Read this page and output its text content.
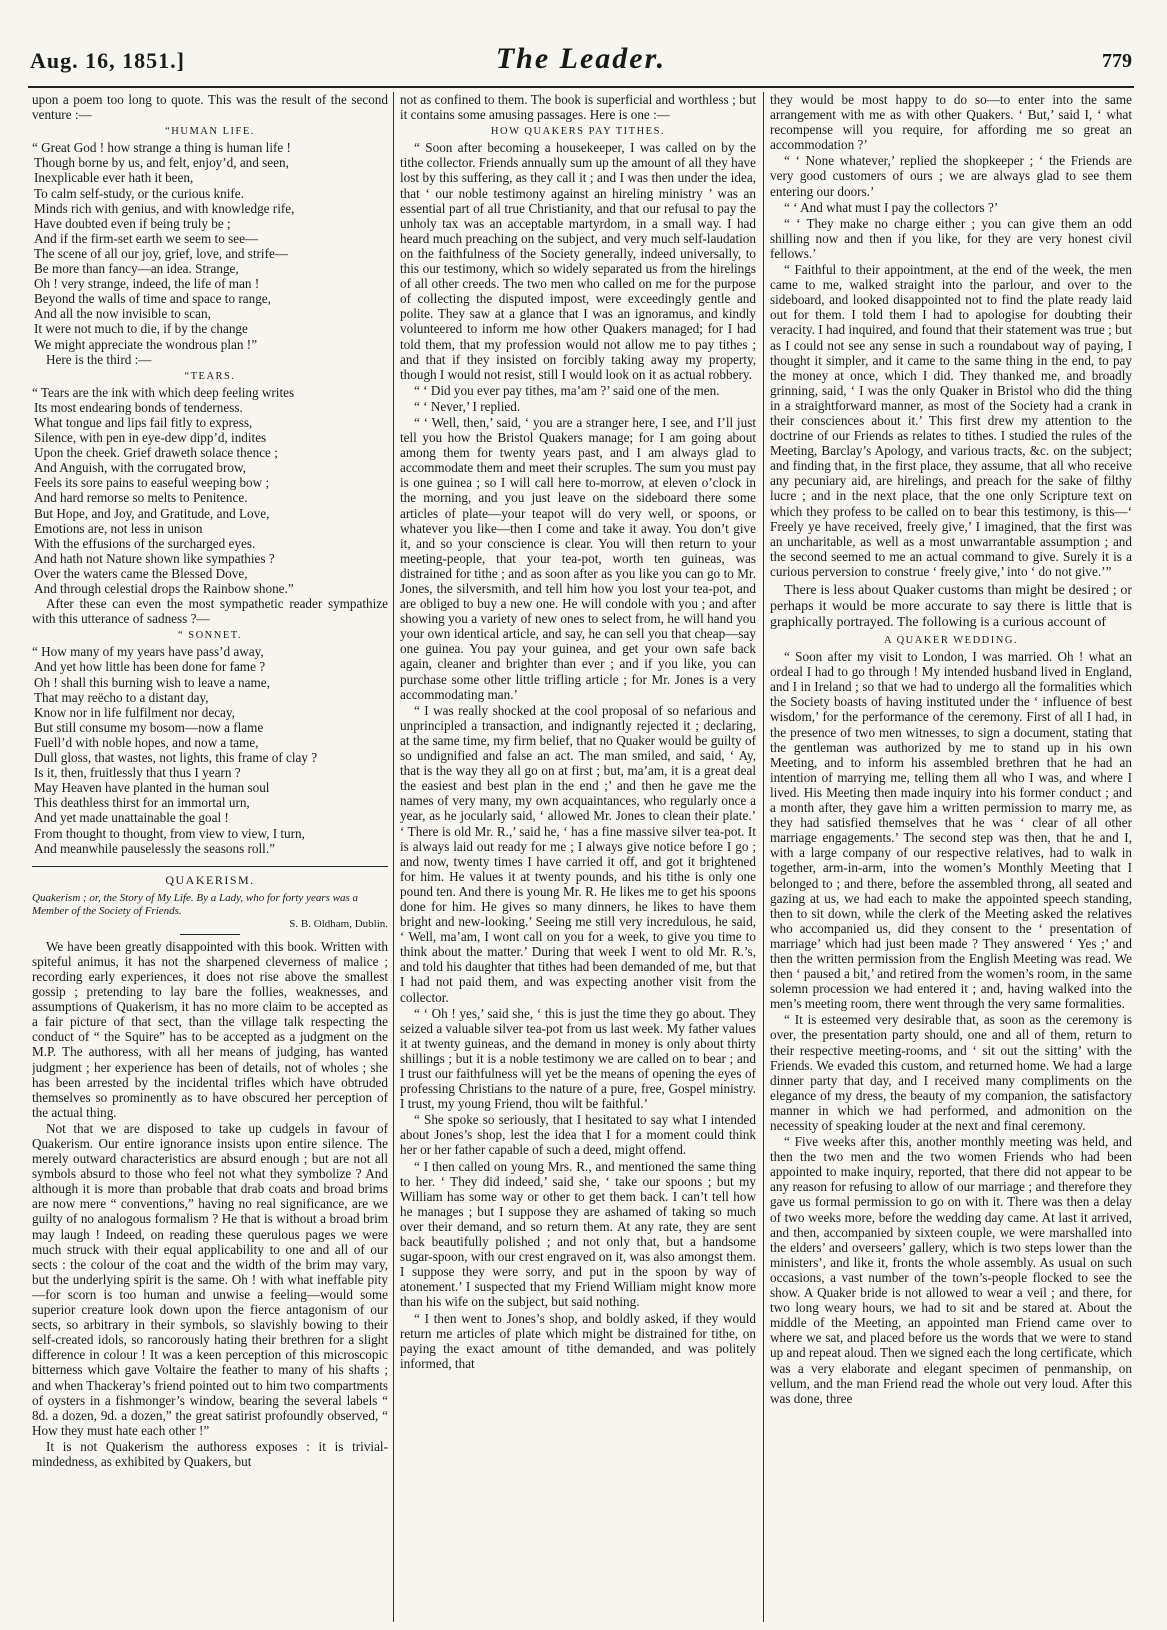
Aug. 16, 1851.]	The Leader.	779

upon a poem too long to quote. This was the result of the second venture :—

“HUMAN LIFE.
“ Great God ! how strange a thing is human life !
Though borne by us, and felt, enjoy’d, and seen,
Inexplicable ever hath it been,
To calm self-study, or the curious knife.
Minds rich with genius, and with knowledge rife,
Have doubted even if being truly be ;
And if the firm-set earth we seem to see—
The scene of all our joy, grief, love, and strife—
Be more than fancy—an idea. Strange,
Oh ! very strange, indeed, the life of man !
Beyond the walls of time and space to range,
And all the now invisible to scan,
It were not much to die, if by the change
We might appreciate the wondrous plan !”

Here is the third :—

“TEARS.
“ Tears are the ink with which deep feeling writes
Its most endearing bonds of tenderness.
What tongue and lips fail fitly to express,
Silence, with pen in eye-dew dipp’d, indites
Upon the cheek. Grief draweth solace thence ;
And Anguish, with the corrugated brow,
Feels its sore pains to easeful weeping bow ;
And hard remorse so melts to Penitence.
But Hope, and Joy, and Gratitude, and Love,
Emotions are, not less in unison
With the effusions of the surcharged eyes.
And hath not Nature shown like sympathies ?
Over the waters came the Blessed Dove,
And through celestial drops the Rainbow shone.”

After these can even the most sympathetic reader sympathize with this utterance of sadness ?—

“ SONNET.
“ How many of my years have pass’d away,
And yet how little has been done for fame ?
Oh ! shall this burning wish to leave a name,
That may reëcho to a distant day,
Know nor in life fulfilment nor decay,
But still consume my bosom—now a flame
Fuell’d with noble hopes, and now a tame,
Dull gloss, that wastes, not lights, this frame of clay ?
Is it, then, fruitlessly that thus I yearn ?
May Heaven have planted in the human soul
This deathless thirst for an immortal urn,
And yet made unattainable the goal !
From thought to thought, from view to view, I turn,
And meanwhile pauselessly the seasons roll.”
QUAKERISM.
Quakerism ; or, the Story of My Life. By a Lady, who for forty years was a Member of the Society of Friends.
S. B. Oldham, Dublin.

We have been greatly disappointed with this book. Written with spiteful animus, it has not the sharpened cleverness of malice ; recording early experiences, it does not rise above the smallest gossip ; pretending to lay bare the follies, weaknesses, and assumptions of Quakerism, it has no more claim to be accepted as a fair picture of that sect, than the village talk respecting the conduct of “ the Squire” has to be accepted as a judgment on the M.P. The authoress, with all her means of judging, has wanted judgment ; her experience has been of details, not of wholes ; she has been arrested by the incidental trifles which have obtruded themselves so prominently as to have obscured her perception of the actual thing.

Not that we are disposed to take up cudgels in favour of Quakerism. Our entire ignorance insists upon entire silence. The merely outward characteristics are absurd enough ; but are not all symbols absurd to those who feel not what they symbolize ? And although it is more than probable that drab coats and broad brims are now mere “ conventions,” having no real significance, are we guilty of no analogous formalism ? He that is without a broad brim may laugh ! Indeed, on reading these querulous pages we were much struck with their equal applicability to one and all of our sects : the colour of the coat and the width of the brim may vary, but the underlying spirit is the same. Oh ! with what ineffable pity—for scorn is too human and unwise a feeling—would some superior creature look down upon the fierce antagonism of our sects, so arbitrary in their symbols, so slavishly bowing to their self-created idols, so rancorously hating their brethren for a slight difference in colour ! It was a keen perception of this microscopic bitterness which gave Voltaire the feather to many of his shafts ; and when Thackeray’s friend pointed out to him two compartments of oysters in a fishmonger’s window, bearing the several labels “ 8d. a dozen, 9d. a dozen,” the great satirist profoundly observed, “ How they must hate each other !”

It is not Quakerism the authoress exposes : it is trivial-mindedness, as exhibited by Quakers, but

not as confined to them. The book is superficial and worthless ; but it contains some amusing passages. Here is one :—

HOW QUAKERS PAY TITHES.

“ Soon after becoming a housekeeper, I was called on by the tithe collector. Friends annually sum up the amount of all they have lost by this suffering, as they call it ; and I was then under the idea, that ‘ our noble testimony against an hireling ministry ’ was an essential part of all true Christianity, and that our refusal to pay the unholy tax was an acceptable martyrdom, in a small way. I had heard much preaching on the subject, and very much self-laudation on the faithfulness of the Society generally, indeed universally, to this our testimony, which so widely separated us from the hirelings of all other creeds. The two men who called on me for the purpose of collecting the disputed impost, were exceedingly gentle and polite. They saw at a glance that I was an ignoramus, and kindly volunteered to inform me how other Quakers managed; for I had told them, that my profession would not allow me to pay tithes ; and that if they insisted on forcibly taking away my property, though I would not resist, still I would look on it as actual robbery.

“ ‘ Did you ever pay tithes, ma’am ?’ said one of the men.

“ ‘ Never,’ I replied.

“ ‘ Well, then,’ said, ‘ you are a stranger here, I see, and I’ll just tell you how the Bristol Quakers manage; for I am going about among them for twenty years past, and I am always glad to accommodate them and meet their scruples. The sum you must pay is one guinea ; so I will call here to-morrow, at eleven o’clock in the morning, and you just leave on the sideboard there some articles of plate—your teapot will do very well, or spoons, or whatever you like—then I come and take it away. You don’t give it, and so your conscience is clear. You will then return to your meeting-people, that your tea-pot, worth ten guineas, was distrained for tithe ; and as soon after as you like you can go to Mr. Jones, the silversmith, and tell him how you lost your tea-pot, and are obliged to buy a new one. He will condole with you ; and after showing you a variety of new ones to select from, he will hand you your own identical article, and say, he can sell you that cheap—say one guinea. You pay your guinea, and get your own safe back again, cleaner and brighter than ever ; and if you like, you can purchase some other little trifling article ; for Mr. Jones is a very accommodating man.’

“ I was really shocked at the cool proposal of so nefarious and unprincipled a transaction, and indignantly rejected it ; declaring, at the same time, my firm belief, that no Quaker would be guilty of so undignified and false an act. The man smiled, and said, ‘ Ay, that is the way they all go on at first ; but, ma’am, it is a great deal the easiest and best plan in the end ;’ and then he gave me the names of very many, my own acquaintances, who regularly once a year, as he jocularly said, ‘ allowed Mr. Jones to clean their plate.’ ‘ There is old Mr. R.,’ said he, ‘ has a fine massive silver tea-pot. It is always laid out ready for me ; I always give notice before I go ; and now, twenty times I have carried it off, and got it brightened for him. He values it at twenty pounds, and his tithe is only one pound ten. And there is young Mr. R. He likes me to get his spoons done for him. He gives so many dinners, he likes to have them bright and new-looking.’ Seeing me still very incredulous, he said, ‘ Well, ma’am, I wont call on you for a week, to give you time to think about the matter.’ During that week I went to old Mr. R.’s, and told his daughter that tithes had been demanded of me, but that I had not paid them, and was expecting another visit from the collector.

“ ‘ Oh ! yes,’ said she, ‘ this is just the time they go about. They seized a valuable silver tea-pot from us last week. My father values it at twenty guineas, and the demand in money is only about thirty shillings ; but it is a noble testimony we are called on to bear ; and I trust our faithfulness will yet be the means of opening the eyes of professing Christians to the nature of a pure, free, Gospel ministry. I trust, my young Friend, thou wilt be faithful.’

“ She spoke so seriously, that I hesitated to say what I intended about Jones’s shop, lest the idea that I for a moment could think her or her father capable of such a deed, might offend.

“ I then called on young Mrs. R., and mentioned the same thing to her. ‘ They did indeed,’ said she, ‘ take our spoons ; but my William has some way or other to get them back. I can’t tell how he manages ; but I suppose they are ashamed of taking so much over their demand, and so return them. At any rate, they are sent back beautifully polished ; and not only that, but a handsome sugar-spoon, with our crest engraved on it, was also amongst them. I suppose they were sorry, and put in the spoon by way of atonement.’ I suspected that my Friend William might know more than his wife on the subject, but said nothing.

“ I then went to Jones’s shop, and boldly asked, if they would return me articles of plate which might be distrained for tithe, on paying the exact amount of tithe demanded, and was politely informed, that

they would be most happy to do so—to enter into the same arrangement with me as with other Quakers. ‘ But,’ said I, ‘ what recompense will you require, for affording me so great an accommodation ?’

“ ‘ None whatever,’ replied the shopkeeper ; ‘ the Friends are very good customers of ours ; we are always glad to see them entering our doors.’

“ ‘ And what must I pay the collectors ?’

“ ‘ They make no charge either ; you can give them an odd shilling now and then if you like, for they are very honest civil fellows.’

“ Faithful to their appointment, at the end of the week, the men came to me, walked straight into the parlour, and over to the sideboard, and looked disappointed not to find the plate ready laid out for them. I told them I had to apologise for doubting their veracity. I had inquired, and found that their statement was true ; but as I could not see any sense in such a roundabout way of paying, I thought it simpler, and it came to the same thing in the end, to pay the money at once, which I did. They thanked me, and broadly grinning, said, ‘ I was the only Quaker in Bristol who did the thing in a straightforward manner, as most of the Society had a crank in their consciences about it.’ This first drew my attention to the doctrine of our Friends as relates to tithes. I studied the rules of the Meeting, Barclay’s Apology, and various tracts, &c. on the subject; and finding that, in the first place, they assume, that all who receive any pecuniary aid, are hirelings, and preach for the sake of filthy lucre ; and in the next place, that the one only Scripture text on which they profess to be called on to bear this testimony, is this—‘ Freely ye have received, freely give,’ I imagined, that the first was an uncharitable, as well as a most unwarrantable assumption ; and the second seemed to me an actual command to give. Surely it is a curious perversion to construe ‘ freely give,’ into ‘ do not give.’”

There is less about Quaker customs than might be desired ; or perhaps it would be more accurate to say there is little that is graphically portrayed. The following is a curious account of

A QUAKER WEDDING.

“ Soon after my visit to London, I was married. Oh ! what an ordeal I had to go through ! My intended husband lived in England, and I in Ireland ; so that we had to undergo all the formalities which the Society boasts of having instituted under the ‘ influence of best wisdom,’ for the performance of the ceremony. First of all I had, in the presence of two men witnesses, to sign a document, stating that the gentleman was authorized by me to stand up in his own Meeting, and to inform his assembled brethren that he had an intention of marrying me, telling them all who I was, and where I lived. His Meeting then made inquiry into his former conduct ; and a month after, they gave him a written permission to marry me, as they had satisfied themselves that he was ‘ clear of all other marriage engagements.’ The second step was then, that he and I, with a large company of our respective relatives, had to walk in together, arm-in-arm, into the women’s Monthly Meeting that I belonged to ; and there, before the assembled throng, all seated and gazing at us, we had each to make the appointed speech standing, then to sit down, while the clerk of the Meeting asked the relatives who accompanied us, did they consent to the ‘ presentation of marriage’ which had just been made ? They answered ‘ Yes ;’ and then the written permission from the English Meeting was read. We then ‘ paused a bit,’ and retired from the women’s room, in the same solemn procession we had entered it ; and, having walked into the men’s meeting room, there went through the very same formalities.

“ It is esteemed very desirable that, as soon as the ceremony is over, the presentation party should, one and all of them, return to their respective meeting-rooms, and ‘ sit out the sitting’ with the Friends. We evaded this custom, and returned home. We had a large dinner party that day, and I received many compliments on the elegance of my dress, the beauty of my companion, the satisfactory manner in which we had performed, and admonition on the necessity of speaking louder at the next and final ceremony.

“ Five weeks after this, another monthly meeting was held, and then the two men and the two women Friends who had been appointed to make inquiry, reported, that there did not appear to be any reason for refusing to allow of our marriage ; and therefore they gave us formal permission to go on with it. There was then a delay of two weeks more, before the wedding day came. At last it arrived, and then, accompanied by sixteen couple, we were marshalled into the elders’ and overseers’ gallery, which is two steps lower than the ministers’, and like it, fronts the whole assembly. As usual on such occasions, a vast number of the town’s-people flocked to see the show. A Quaker bride is not allowed to wear a veil ; and there, for two long weary hours, we had to sit and be stared at. About the middle of the Meeting, an appointed man Friend came over to where we sat, and placed before us the words that we were to stand up and repeat aloud. Then we signed each the long certificate, which was a very elaborate and elegant specimen of penmanship, on vellum, and the man Friend read the whole out very loud. After this was done, three
